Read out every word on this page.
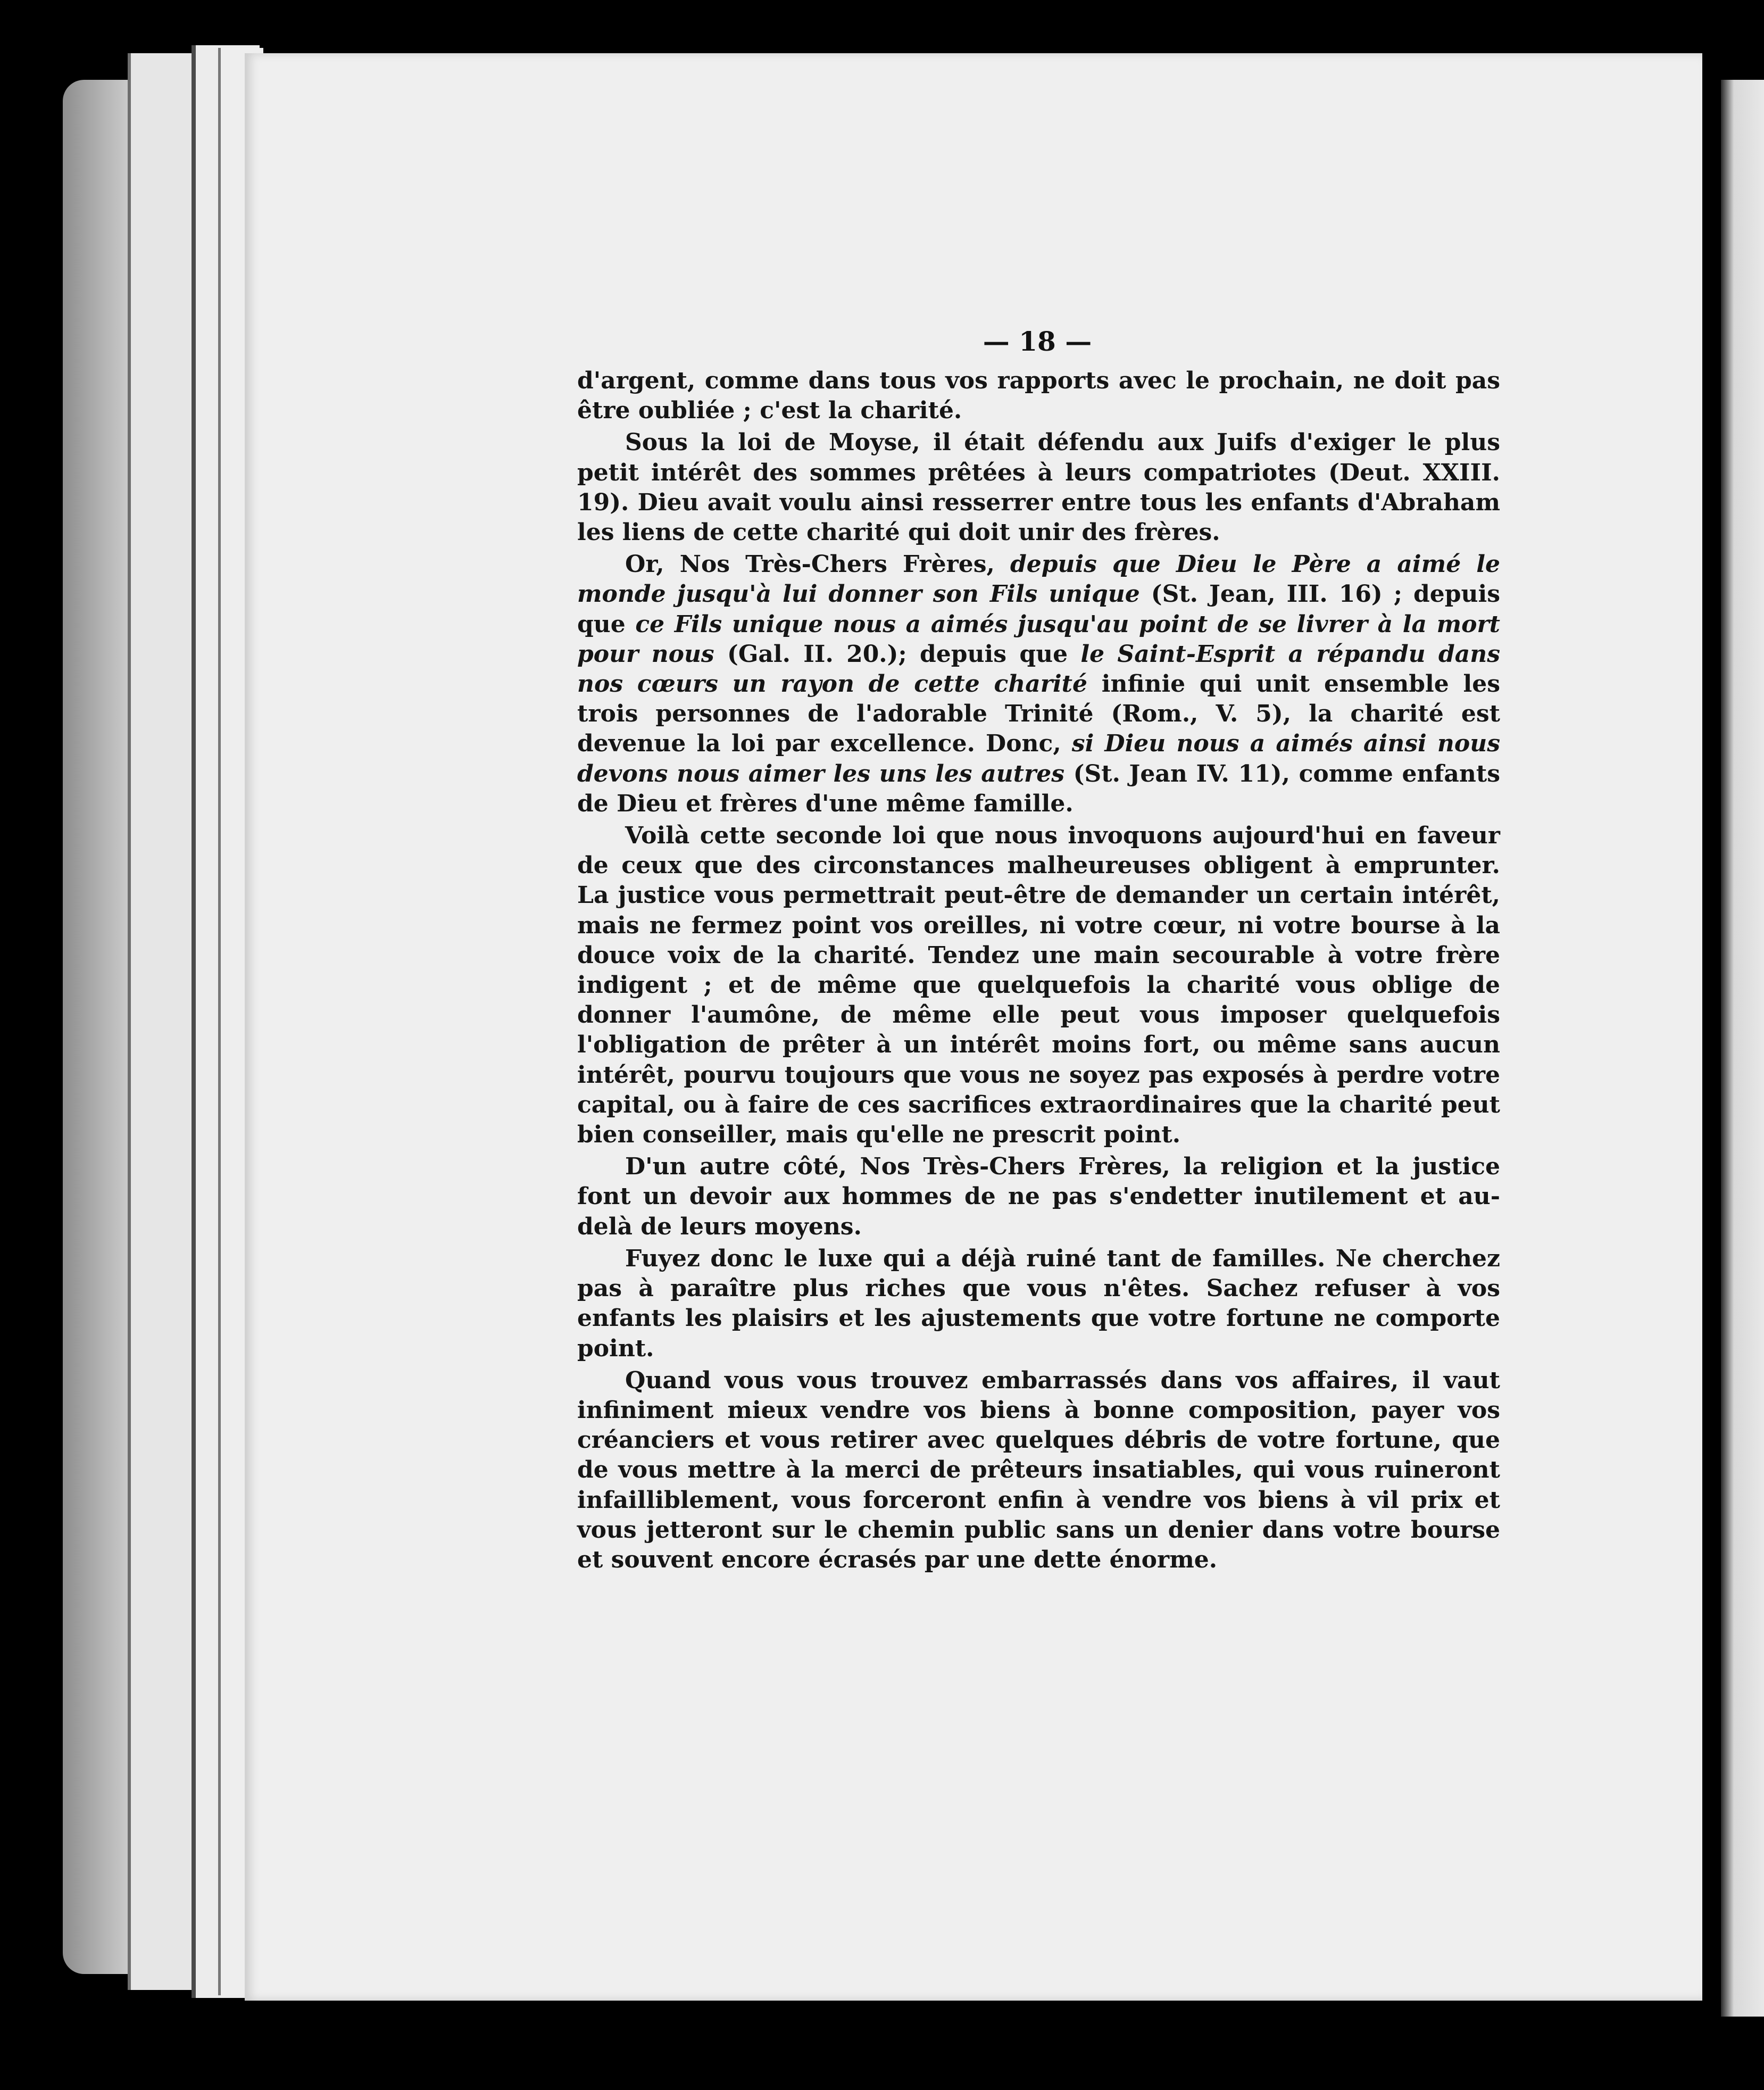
— 18 —

d'argent, comme dans tous vos rapports avec le prochain, ne doit pas être oubliée ; c'est la charité.

Sous la loi de Moyse, il était défendu aux Juifs d'exiger le plus petit intérêt des sommes prêtées à leurs compatriotes (Deut. XXIII. 19). Dieu avait voulu ainsi resserrer entre tous les enfants d'Abraham les liens de cette charité qui doit unir des frères.

Or, Nos Très-Chers Frères, depuis que Dieu le Père a aimé le monde jusqu'à lui donner son Fils unique (St. Jean, III. 16) ; depuis que ce Fils unique nous a aimés jusqu'au point de se livrer à la mort pour nous (Gal. II. 20.); depuis que le Saint-Esprit a répandu dans nos cœurs un rayon de cette charité infinie qui unit ensemble les trois personnes de l'adorable Trinité (Rom., V. 5), la charité est devenue la loi par excellence. Donc, si Dieu nous a aimés ainsi nous devons nous aimer les uns les autres (St. Jean IV. 11), comme enfants de Dieu et frères d'une même famille.

Voilà cette seconde loi que nous invoquons aujourd'hui en faveur de ceux que des circonstances malheureuses obligent à emprunter. La justice vous permettrait peut-être de demander un certain intérêt, mais ne fermez point vos oreilles, ni votre cœur, ni votre bourse à la douce voix de la charité. Tendez une main secourable à votre frère indigent ; et de même que quelquefois la charité vous oblige de donner l'aumône, de même elle peut vous imposer quelquefois l'obligation de prêter à un intérêt moins fort, ou même sans aucun intérêt, pourvu toujours que vous ne soyez pas exposés à perdre votre capital, ou à faire de ces sacrifices extraordinaires que la charité peut bien conseiller, mais qu'elle ne prescrit point.

D'un autre côté, Nos Très-Chers Frères, la religion et la justice font un devoir aux hommes de ne pas s'endetter inutilement et au-delà de leurs moyens.

Fuyez donc le luxe qui a déjà ruiné tant de familles. Ne cherchez pas à paraître plus riches que vous n'êtes. Sachez refuser à vos enfants les plaisirs et les ajustements que votre fortune ne comporte point.

Quand vous vous trouvez embarrassés dans vos affaires, il vaut infiniment mieux vendre vos biens à bonne composition, payer vos créanciers et vous retirer avec quelques débris de votre fortune, que de vous mettre à la merci de prêteurs insatiables, qui vous ruineront infailliblement, vous forceront enfin à vendre vos biens à vil prix et vous jetteront sur le chemin public sans un denier dans votre bourse et souvent encore écrasés par une dette énorme.
